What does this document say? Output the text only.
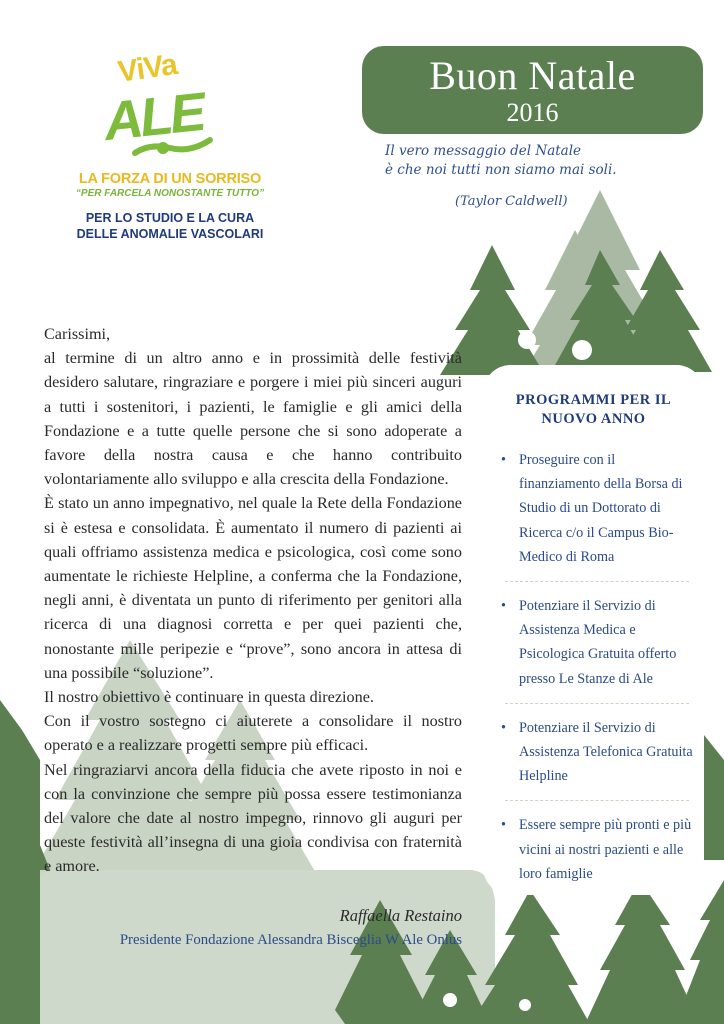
ViVa
ALE
LA FORZA DI UN SORRISO
“PER FARCELA NONOSTANTE TUTTO”
PER LO STUDIO E LA CURA
DELLE ANOMALIE VASCOLARI
Buon Natale
2016
Il vero messaggio del Natale
è che noi tutti non siamo mai soli.
(Taylor Caldwell)

Carissimi,

al termine di un altro anno e in prossimità delle festività desidero salutare, ringraziare e porgere i miei più sinceri auguri a tutti i sostenitori, i pazienti, le famiglie e gli amici della Fondazione e a tutte quelle persone che si sono adoperate a favore della nostra causa e che hanno contribuito volontariamente allo sviluppo e alla crescita della Fondazione.

È stato un anno impegnativo, nel quale la Rete della Fondazione si è estesa e consolidata. È aumentato il numero di pazienti ai quali offriamo assistenza medica e psicologica, così come sono aumentate le richieste Helpline, a conferma che la Fondazione, negli anni, è diventata un punto di riferimento per genitori alla ricerca di una diagnosi corretta e per quei pazienti che, nonostante mille peripezie e “prove”, sono ancora in attesa di una possibile “soluzione”.

Il nostro obiettivo è continuare in questa direzione.

Con il vostro sostegno ci aiuterete a consolidare il nostro operato e a realizzare progetti sempre più efficaci.

Nel ringraziarvi ancora della fiducia che avete riposto in noi e con la convinzione che sempre più possa essere testimonianza del valore che date al nostro impegno, rinnovo gli auguri per queste festività all’insegna di una gioia condivisa con fraternità e amore.

Raffaella Restaino
Presidente Fondazione Alessandra Bisceglia W Ale Onlus
PROGRAMMI PER IL
NUOVO ANNO
• Proseguire con il finanziamento della Borsa di Studio di un Dottorato di Ricerca c/o il Campus Bio-Medico di Roma
• Potenziare il Servizio di Assistenza Medica e Psicologica Gratuita offerto presso Le Stanze di Ale
• Potenziare il Servizio di Assistenza Telefonica Gratuita Helpline
• Essere sempre più pronti e più vicini ai nostri pazienti e alle loro famiglie
